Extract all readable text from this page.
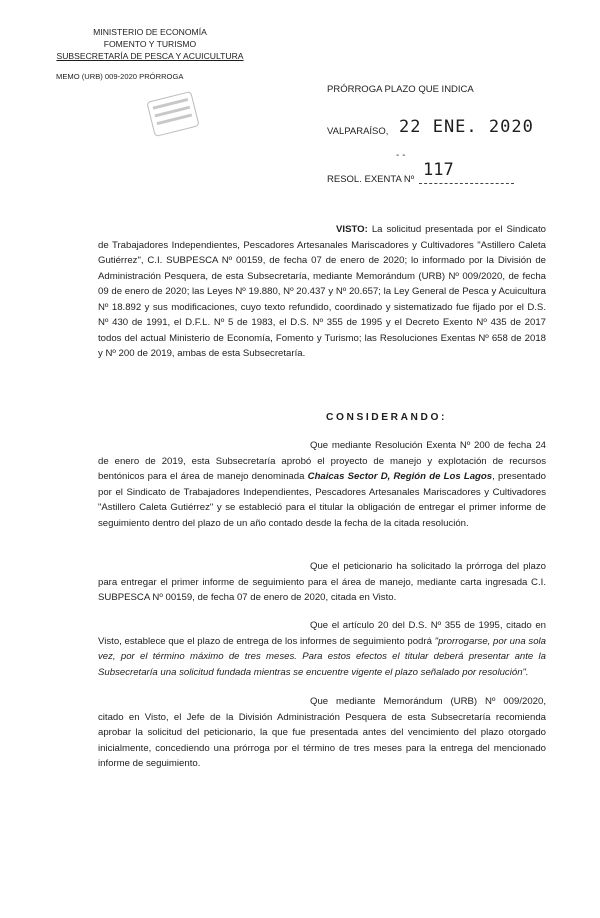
MINISTERIO DE ECONOMÍA
FOMENTO Y TURISMO
SUBSECRETARÍA DE PESCA Y ACUICULTURA
MEMO (URB) 009-2020 PRÓRROGA
PRÓRROGA PLAZO QUE INDICA
VALPARAÍSO, 22 ENE. 2020
- -
RESOL. EXENTA Nº 117
VISTO: La solicitud presentada por el Sindicato de Trabajadores Independientes, Pescadores Artesanales Mariscadores y Cultivadores "Astillero Caleta Gutiérrez", C.I. SUBPESCA Nº 00159, de fecha 07 de enero de 2020; lo informado por la División de Administración Pesquera, de esta Subsecretaría, mediante Memorándum (URB) Nº 009/2020, de fecha 09 de enero de 2020; las Leyes Nº 19.880, Nº 20.437 y Nº 20.657; la Ley General de Pesca y Acuicultura Nº 18.892 y sus modificaciones, cuyo texto refundido, coordinado y sistematizado fue fijado por el D.S. Nº 430 de 1991, el D.F.L. Nº 5 de 1983, el D.S. Nº 355 de 1995 y el Decreto Exento Nº 435 de 2017 todos del actual Ministerio de Economía, Fomento y Turismo; las Resoluciones Exentas Nº 658 de 2018 y Nº 200 de 2019, ambas de esta Subsecretaría.
CONSIDERANDO:
Que mediante Resolución Exenta Nº 200 de fecha 24 de enero de 2019, esta Subsecretaría aprobó el proyecto de manejo y explotación de recursos bentónicos para el área de manejo denominada Chaicas Sector D, Región de Los Lagos, presentado por el Sindicato de Trabajadores Independientes, Pescadores Artesanales Mariscadores y Cultivadores "Astillero Caleta Gutiérrez" y se estableció para el titular la obligación de entregar el primer informe de seguimiento dentro del plazo de un año contado desde la fecha de la citada resolución.
Que el peticionario ha solicitado la prórroga del plazo para entregar el primer informe de seguimiento para el área de manejo, mediante carta ingresada C.I. SUBPESCA Nº 00159, de fecha 07 de enero de 2020, citada en Visto.
Que el artículo 20 del D.S. Nº 355 de 1995, citado en Visto, establece que el plazo de entrega de los informes de seguimiento podrá "prorrogarse, por una sola vez, por el término máximo de tres meses. Para estos efectos el titular deberá presentar ante la Subsecretaría una solicitud fundada mientras se encuentre vigente el plazo señalado por resolución".
Que mediante Memorándum (URB) Nº 009/2020, citado en Visto, el Jefe de la División Administración Pesquera de esta Subsecretaría recomienda aprobar la solicitud del peticionario, la que fue presentada antes del vencimiento del plazo otorgado inicialmente, concediendo una prórroga por el término de tres meses para la entrega del mencionado informe de seguimiento.
